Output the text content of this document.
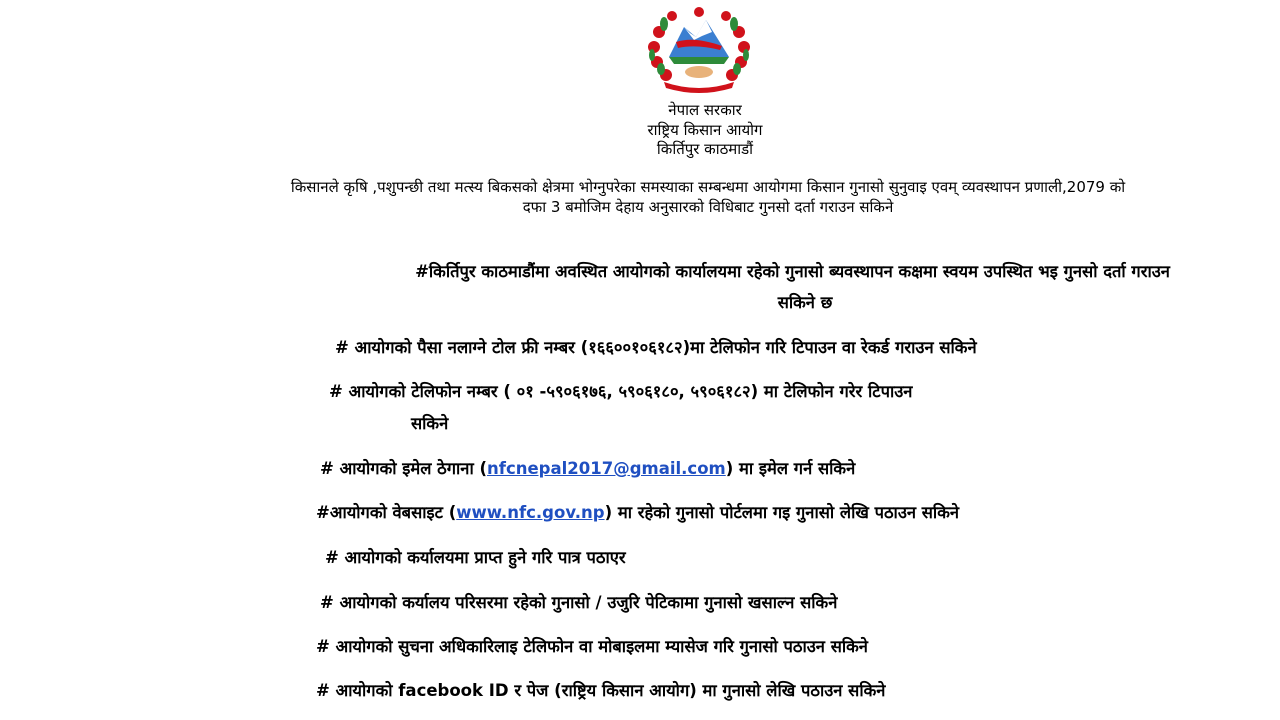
नेपाल सरकार
राष्ट्रिय किसान आयोग
किर्तिपुर काठमाडौं
किसानले कृषि ,पशुपन्छी तथा मत्स्य बिकसको क्षेत्रमा भोग्नुपरेका समस्याका सम्बन्धमा आयोगमा किसान गुनासो सुनुवाइ एवम् व्यवस्थापन प्रणाली,2079 को
दफा 3 बमोजिम देहाय अनुसारको विधिबाट गुनसो दर्ता गराउन सकिने
#किर्तिपुर काठमाडौंमा अवस्थित आयोगको कार्यालयमा रहेको गुनासो ब्यवस्थापन कक्षमा स्वयम उपस्थित भइ गुनसो दर्ता गराउन
सकिने छ
# आयोगको पैसा नलाग्ने टोल फ्री नम्बर (१६६००१०६१८२)मा टेलिफोन गरि टिपाउन वा रेकर्ड गराउन सकिने
# आयोगको टेलिफोन नम्बर ( ०१ -५९०६१७६, ५९०६१८०, ५९०६१८२) मा टेलिफोन गरेर टिपाउन
सकिने
# आयोगको इमेल ठेगाना (nfcnepal2017@gmail.com) मा इमेल गर्न सकिने
#आयोगको वेबसाइट (www.nfc.gov.np) मा रहेको गुनासो पोर्टलमा गइ गुनासो लेखि पठाउन सकिने
# आयोगको कर्यालयमा प्राप्त हुने गरि पात्र पठाएर
# आयोगको कर्यालय परिसरमा रहेको गुनासो / उजुरि पेटिकामा गुनासो खसाल्न सकिने
# आयोगको सुचना अधिकारिलाइ टेलिफोन वा मोबाइलमा म्यासेज गरि गुनासो पठाउन सकिने
# आयोगको facebook ID र पेज (राष्ट्रिय किसान आयोग) मा गुनासो लेखि पठाउन सकिने
